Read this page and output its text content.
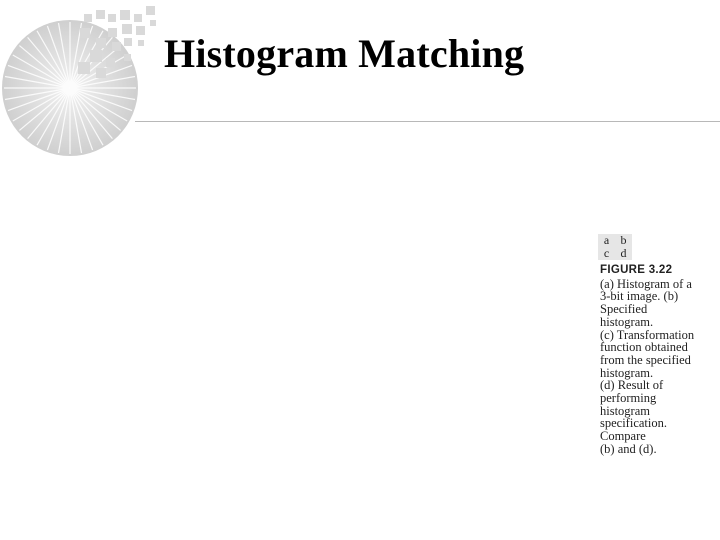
Histogram Matching
a b
c d
FIGURE 3.22
(a) Histogram of a
3-bit image. (b)
Specified
histogram.
(c) Transformation
function obtained
from the specified
histogram.
(d) Result of
performing
histogram
specification.
Compare
(b) and (d).
